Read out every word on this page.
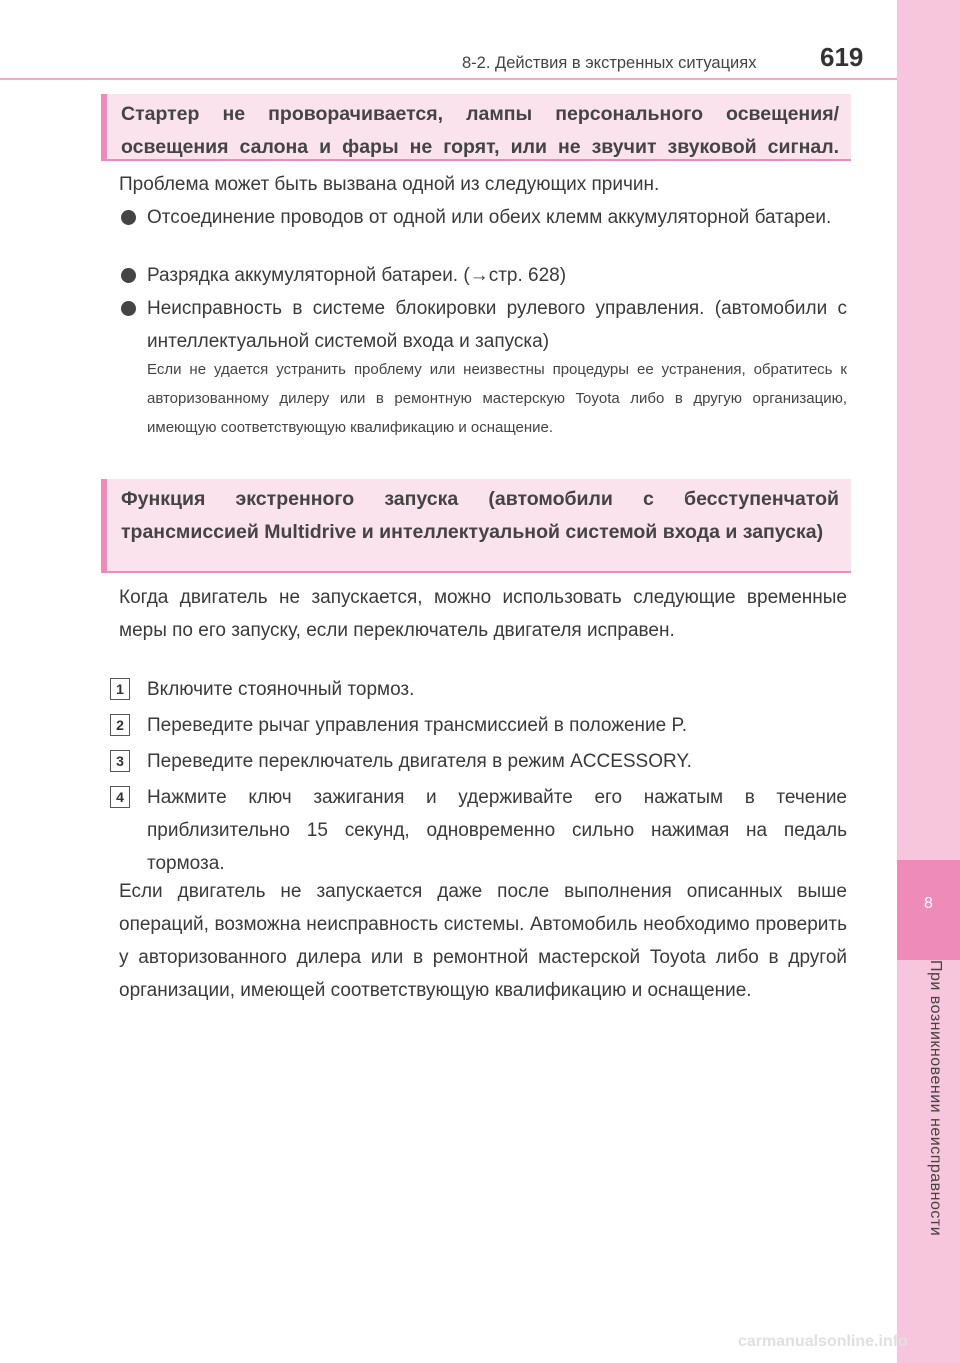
8
При возникновении неисправности
8-2. Действия в экстренных ситуациях 619
Стартер не проворачивается, лампы персонального освещения/ освещения салона и фары не горят, или не звучит звуковой сигнал.

Проблема может быть вызвана одной из следующих причин.

Отсоединение проводов от одной или обеих клемм аккумуляторной батареи.
Разрядка аккумуляторной батареи. (→стр. 628)
Неисправность в системе блокировки рулевого управления. (автомобили с интеллектуальной системой входа и запуска)

Если не удается устранить проблему или неизвестны процедуры ее устранения, обратитесь к авторизованному дилеру или в ремонтную мастерскую Toyota либо в другую организацию, имеющую соответствующую квалификацию и оснащение.

Функция экстренного запуска (автомобили с бесступенчатой трансмиссией Multidrive и интеллектуальной системой входа и запуска)

Когда двигатель не запускается, можно использовать следующие временные меры по его запуску, если переключатель двигателя исправен.

1	Включите стояночный тормоз.
2	Переведите рычаг управления трансмиссией в положение P.
3	Переведите переключатель двигателя в режим ACCESSORY.
4	Нажмите ключ зажигания и удерживайте его нажатым в течение приблизительно 15 секунд, одновременно сильно нажимая на педаль тормоза.

Если двигатель не запускается даже после выполнения описанных выше операций, возможна неисправность системы. Автомобиль необходимо проверить у авторизованного дилера или в ремонтной мастерской Toyota либо в другой организации, имеющей соответствующую квалификацию и оснащение.

carmanualsonline.info
